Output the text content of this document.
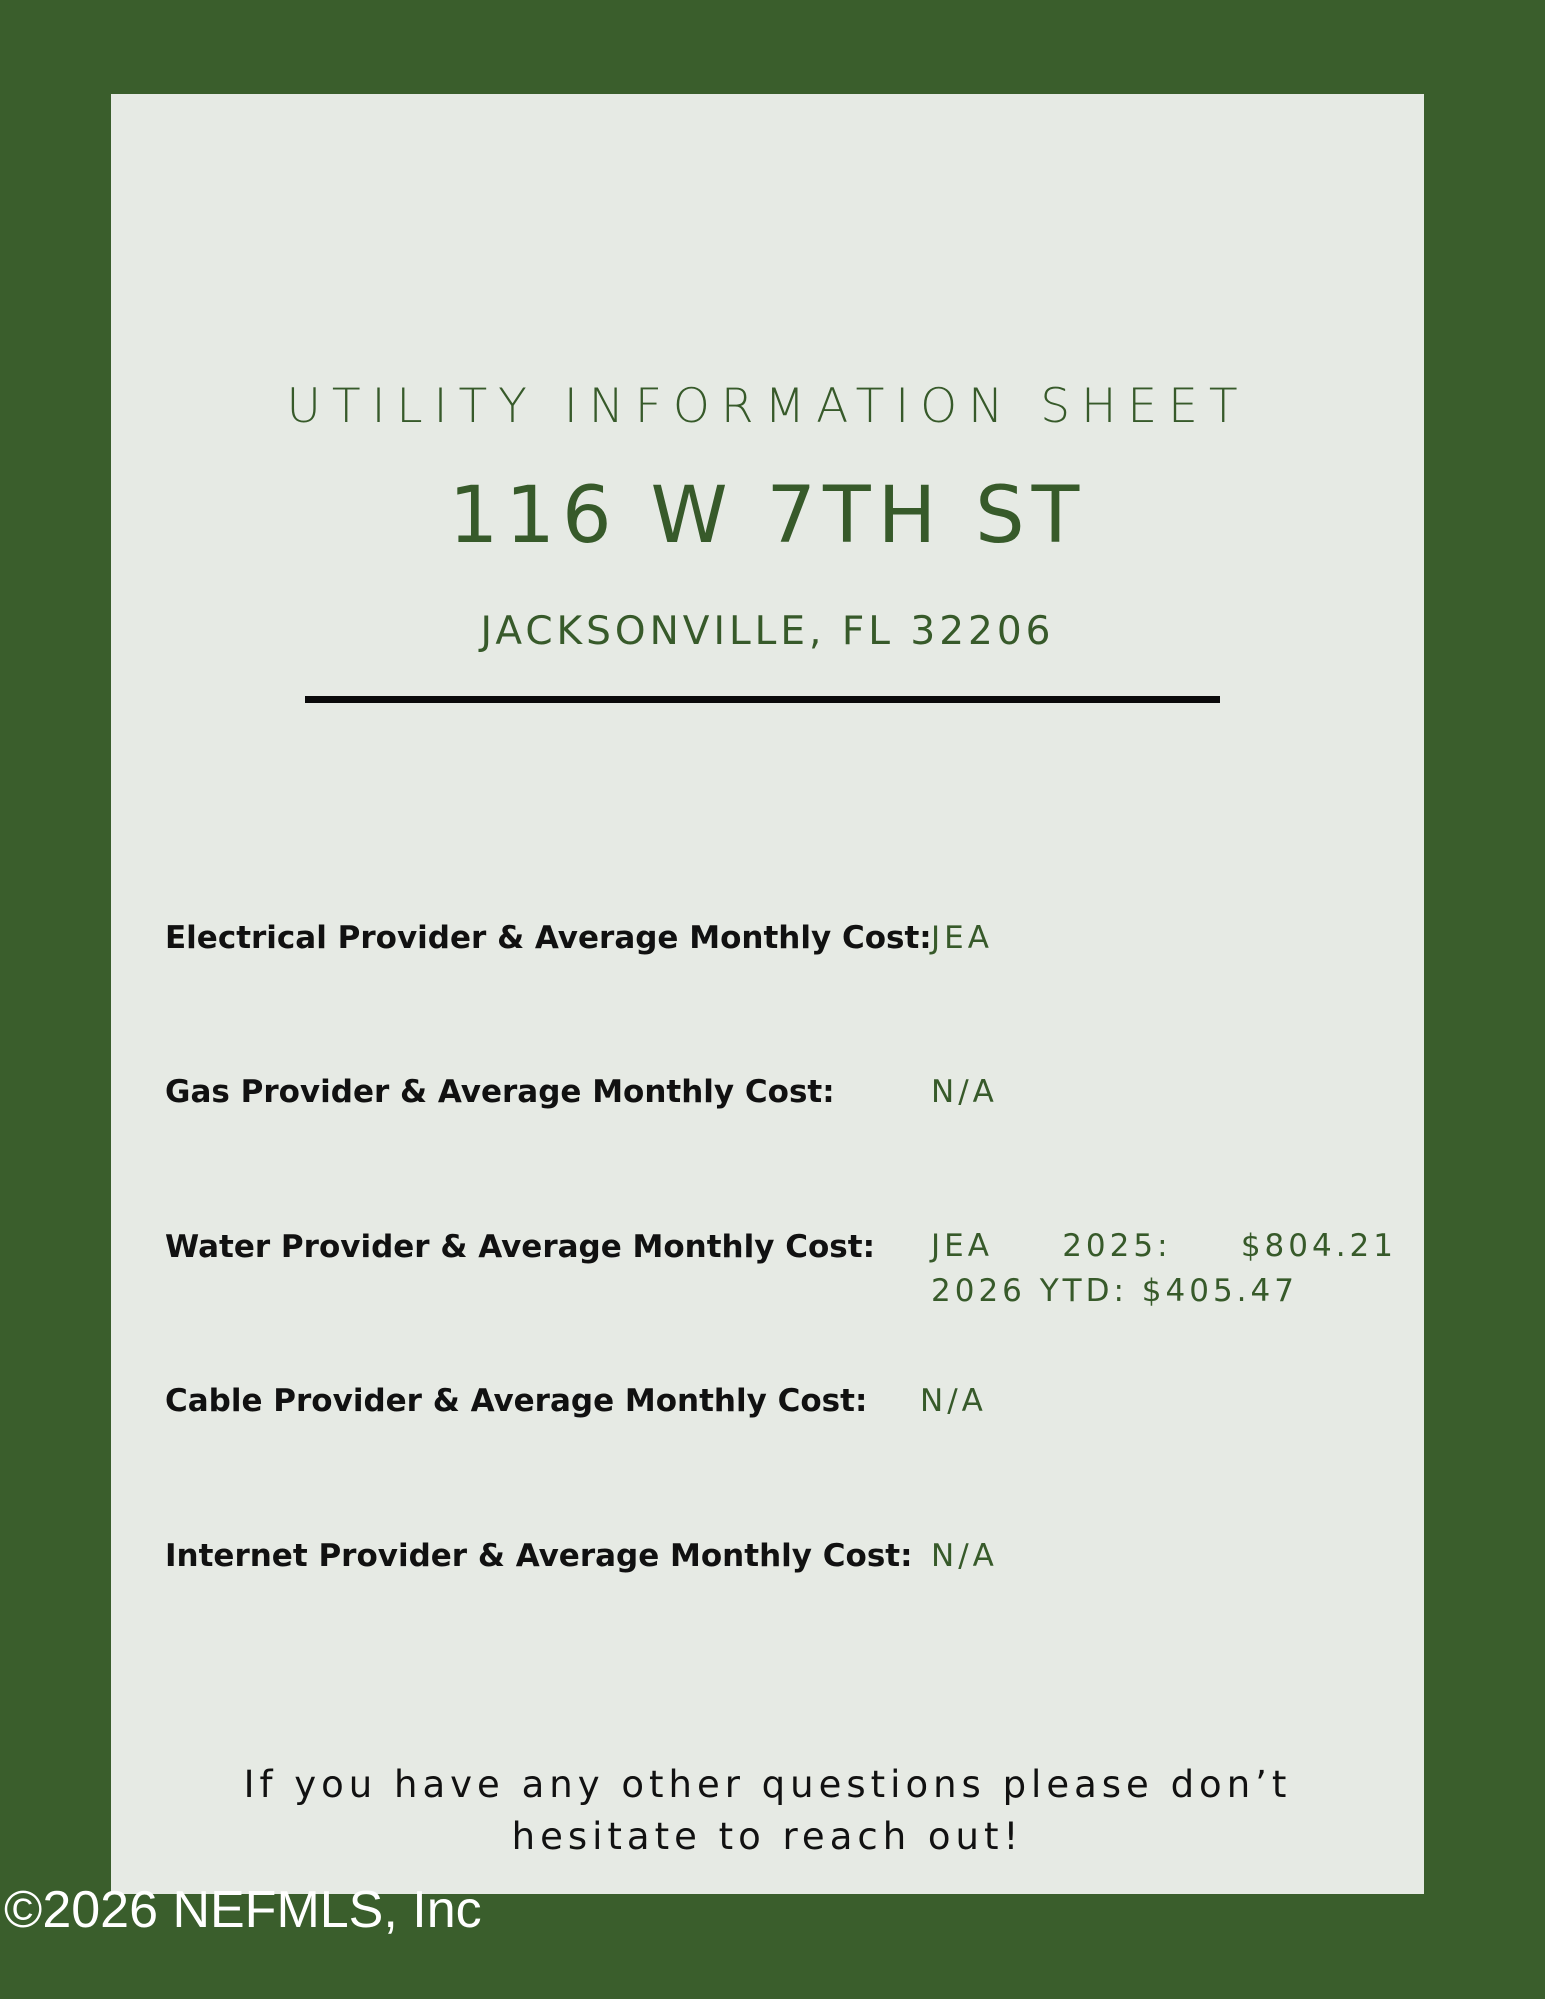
UTILITY INFORMATION SHEET
116 W 7TH ST
JACKSONVILLE, FL 32206
Electrical Provider & Average Monthly Cost: JEA
Gas Provider & Average Monthly Cost:	N/A
Water Provider & Average Monthly Cost: JEA     2025:     $804.21
2026 YTD: $405.47
Cable Provider & Average Monthly Cost: N/A
Internet Provider & Average Monthly Cost: N/A
If you have any other questions please don’t
hesitate to reach out!
©2026 NEFMLS, Inc
